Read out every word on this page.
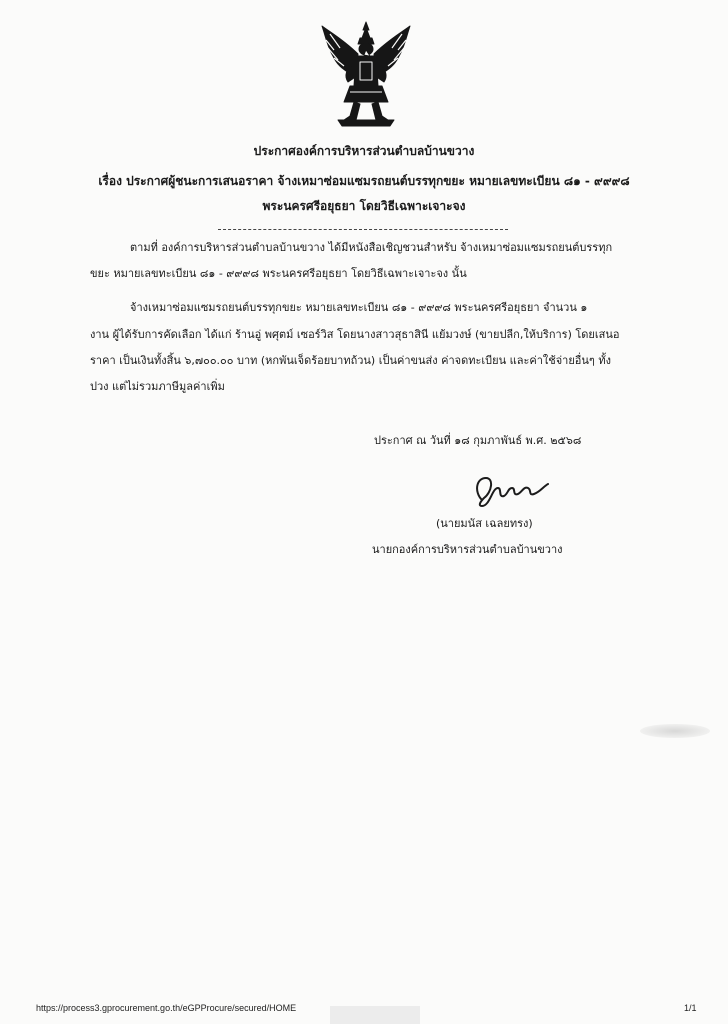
ประกาศองค์การบริหารส่วนตำบลบ้านขวาง
เรื่อง ประกาศผู้ชนะการเสนอราคา จ้างเหมาซ่อมแซมรถยนต์บรรทุกขยะ หมายเลขทะเบียน ๘๑ - ๙๙๙๘
พระนครศรีอยุธยา โดยวิธีเฉพาะเจาะจง
ตามที่ องค์การบริหารส่วนตำบลบ้านขวาง ได้มีหนังสือเชิญชวนสำหรับ จ้างเหมาซ่อมแซมรถยนต์บรรทุก
ขยะ หมายเลขทะเบียน ๘๑ - ๙๙๙๘ พระนครศรีอยุธยา โดยวิธีเฉพาะเจาะจง นั้น
จ้างเหมาซ่อมแซมรถยนต์บรรทุกขยะ หมายเลขทะเบียน ๘๑ - ๙๙๙๘ พระนครศรีอยุธยา จำนวน ๑
งาน ผู้ได้รับการคัดเลือก ได้แก่ ร้านอู่ พศุตม์ เซอร์วิส โดยนางสาวสุธาสินี แย้มวงษ์ (ขายปลีก,ให้บริการ) โดยเสนอ
ราคา เป็นเงินทั้งสิ้น ๖,๗๐๐.๐๐ บาท (หกพันเจ็ดร้อยบาทถ้วน) เป็นค่าขนส่ง ค่าจดทะเบียน และค่าใช้จ่ายอื่นๆ ทั้ง
ปวง แต่ไม่รวมภาษีมูลค่าเพิ่ม
ประกาศ ณ วันที่ ๑๘ กุมภาพันธ์ พ.ศ. ๒๕๖๘
(นายมนัส เฉลยทรง)
นายกองค์การบริหารส่วนตำบลบ้านขวาง
https://process3.gprocurement.go.th/eGPProcure/secured/HOME	1/1
